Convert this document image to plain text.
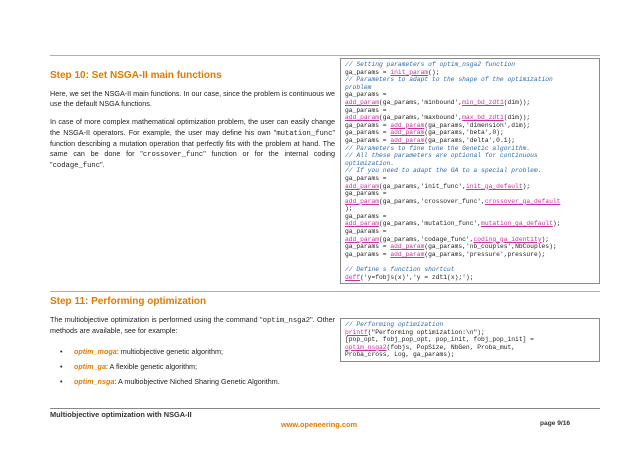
Step 10: Set NSGA-II main functions

Here, we set the NSGA-II main functions. In our case, since the problem is continuous we use the default NSGA functions.

In case of more complex mathematical optimization problem, the user can easily change the NSGA-II operators. For example, the user may define his own "mutation_func" function describing a mutation operation that perfectly fits with the problem at hand. The same can be done for "crossover_func" function or for the internal coding "codage_func".

// Setting parameters of optim_nsga2 function
ga_params = init_param();
// Parameters to adapt to the shape of the optimization
problem
ga_params =
add_param(ga_params,'minbound',min_bd_zdt1(dim));
ga_params =
add_param(ga_params,'maxbound',max_bd_zdt1(dim));
ga_params = add_param(ga_params,'dimension',dim);
ga_params = add_param(ga_params,'beta',0);
ga_params = add_param(ga_params,'delta',0.1);
// Parameters to fine tune the Genetic algorithm.
// All these parameters are optional for continuous
optimization.
// If you need to adapt the GA to a special problem.
ga_params =
add_param(ga_params,'init_func',init_ga_default);
ga_params =
add_param(ga_params,'crossover_func',crossover_ga_default
);
ga_params =
add_param(ga_params,'mutation_func',mutation_ga_default);
ga_params =
add_param(ga_params,'codage_func',coding_ga_identity);
ga_params = add_param(ga_params,'nb_couples',NbCouples);
ga_params = add_param(ga_params,'pressure',pressure);

// Define s function shortcut
deff('y=fobjs(x)','y = zdt1(x);');
Step 11: Performing optimization

The multiobjective optimization is performed using the command "optim_nsga2". Other methods are available, see for example:

• optim_moga: multiobjective genetic algorithm;
• optim_ga: A flexible genetic algorithm;
• optim_nsga: A multiobjective Niched Sharing Genetic Algorithm.
// Performing optimization
printf("Performing optimization:\n");
[pop_opt, fobj_pop_opt, pop_init, fobj_pop_init] =
optim_nsga2(fobjs, PopSize, NbGen, Proba_mut,
Proba_cross, Log, ga_params);
Multiobjective optimization with NSGA-II
www.openeering.com	page 9/16
